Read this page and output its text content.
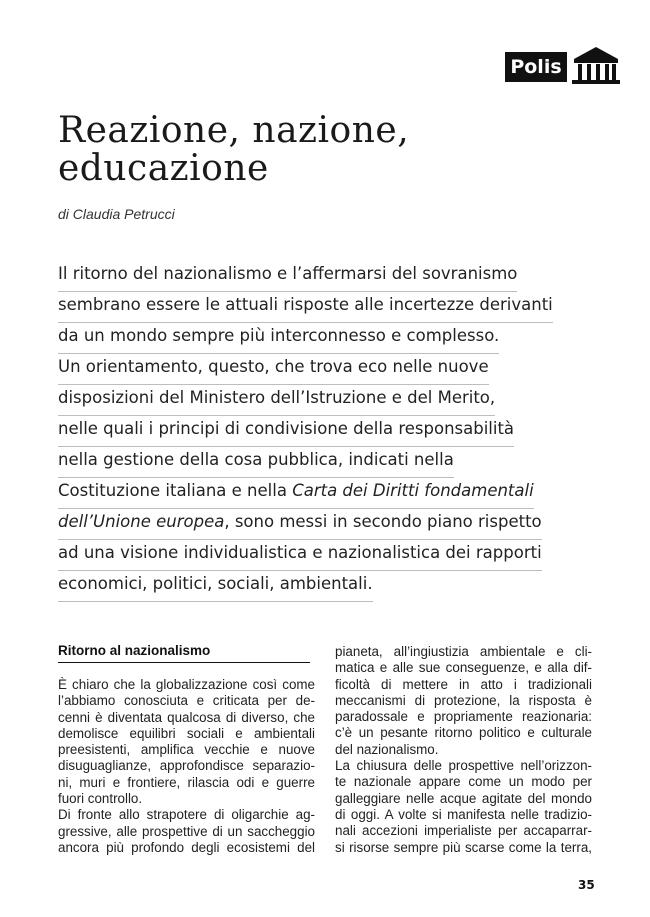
Polis
Reazione, nazione,
educazione
di Claudia Petrucci
Il ritorno del nazionalismo e l’affermarsi del sovranismo
sembrano essere le attuali risposte alle incertezze derivanti
da un mondo sempre più interconnesso e complesso.
Un orientamento, questo, che trova eco nelle nuove
disposizioni del Ministero dell’Istruzione e del Merito,
nelle quali i principi di condivisione della responsabilità
nella gestione della cosa pubblica, indicati nella
Costituzione italiana e nella Carta dei Diritti fondamentali
dell’Unione europea, sono messi in secondo piano rispetto
ad una visione individualistica e nazionalistica dei rapporti
economici, politici, sociali, ambientali.
Ritorno al nazionalismo
È chiaro che la globalizzazione così come
l’abbiamo conosciuta e criticata per de-
cenni è diventata qualcosa di diverso, che
demolisce equilibri sociali e ambientali
preesistenti, amplifica vecchie e nuove
disuguaglianze, approfondisce separazio-
ni, muri e frontiere, rilascia odi e guerre
fuori controllo.
Di fronte allo strapotere di oligarchie ag-
gressive, alle prospettive di un saccheggio
ancora più profondo degli ecosistemi del
pianeta, all’ingiustizia ambientale e cli-
matica e alle sue conseguenze, e alla dif-
ficoltà di mettere in atto i tradizionali
meccanismi di protezione, la risposta è
paradossale e propriamente reazionaria:
c’è un pesante ritorno politico e culturale
del nazionalismo.
La chiusura delle prospettive nell’orizzon-
te nazionale appare come un modo per
galleggiare nelle acque agitate del mondo
di oggi. A volte si manifesta nelle tradizio-
nali accezioni imperialiste per accaparrar-
si risorse sempre più scarse come la terra,
35
